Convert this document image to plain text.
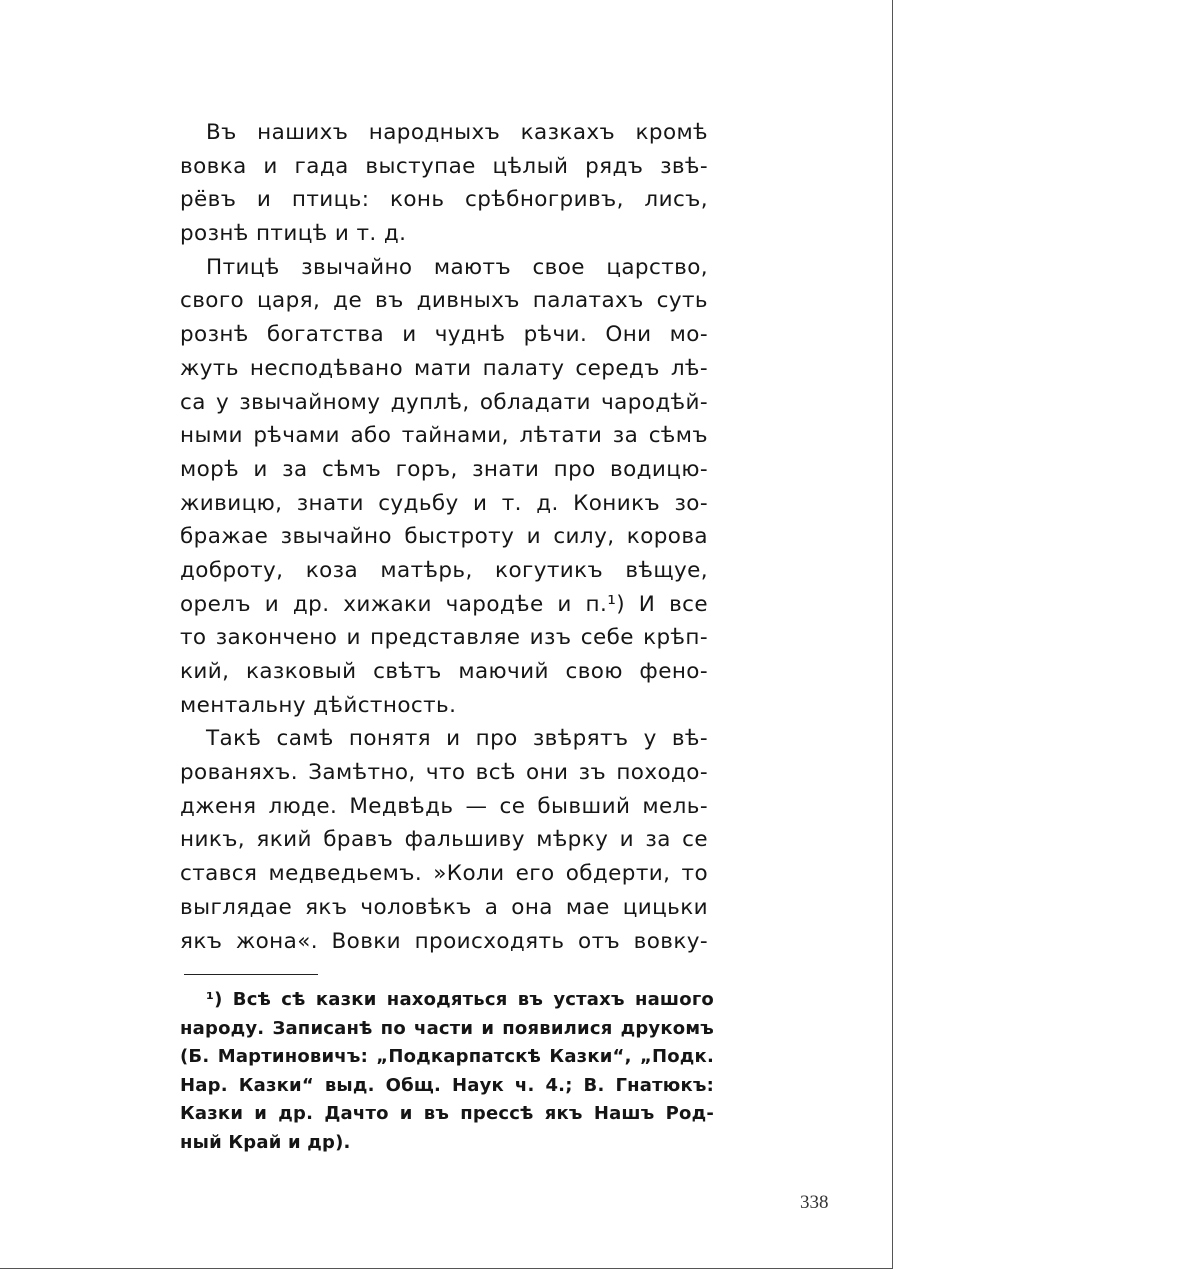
Въ нашихъ народныхъ казкахъ кромѣ
вовка и гада выступае цѣлый рядъ звѣ-
рёвъ и птиць: конь срѣбногривъ, лисъ,
рознѣ птицѣ и т. д.
Птицѣ звычайно маютъ свое царство,
свого царя, де въ дивныхъ палатахъ суть
рознѣ богатства и чуднѣ рѣчи. Они мо-
жуть несподѣвано мати палату середъ лѣ-
са у звычайному дуплѣ, обладати чародѣй-
ными рѣчами або тайнами, лѣтати за сѣмъ
морѣ и за сѣмъ горъ, знати про водицю-
живицю, знати судьбу и т. д. Коникъ зо-
бражае звычайно быстроту и силу, корова
доброту, коза матѣрь, когутикъ вѣщуе,
орелъ и др. хижаки чародѣе и п.¹) И все
то закончено и представляе изъ себе крѣп-
кий, казковый свѣтъ маючий свою фено-
ментальну дѣйстность.
Такѣ самѣ понятя и про звѣрятъ у вѣ-
рованяхъ. Замѣтно, что всѣ они зъ походо-
дженя люде. Медвѣдь — се бывший мель-
никъ, який бравъ фальшиву мѣрку и за се
стався медведьемъ. »Коли его обдерти, то
выглядае якъ чоловѣкъ а она мае цицьки
якъ жона«. Вовки происходять отъ вовку-
¹) Всѣ сѣ казки находяться въ устахъ нашого
народу. Записанѣ по части и появилися друкомъ
(Б. Мартиновичъ: „Подкарпатскѣ Казки“, „Подк.
Нар. Казки“ выд. Общ. Наук ч. 4.; В. Гнатюкъ:
Казки и др. Дачто и въ прессѣ якъ Нашъ Род-
ный Край и др).
338
